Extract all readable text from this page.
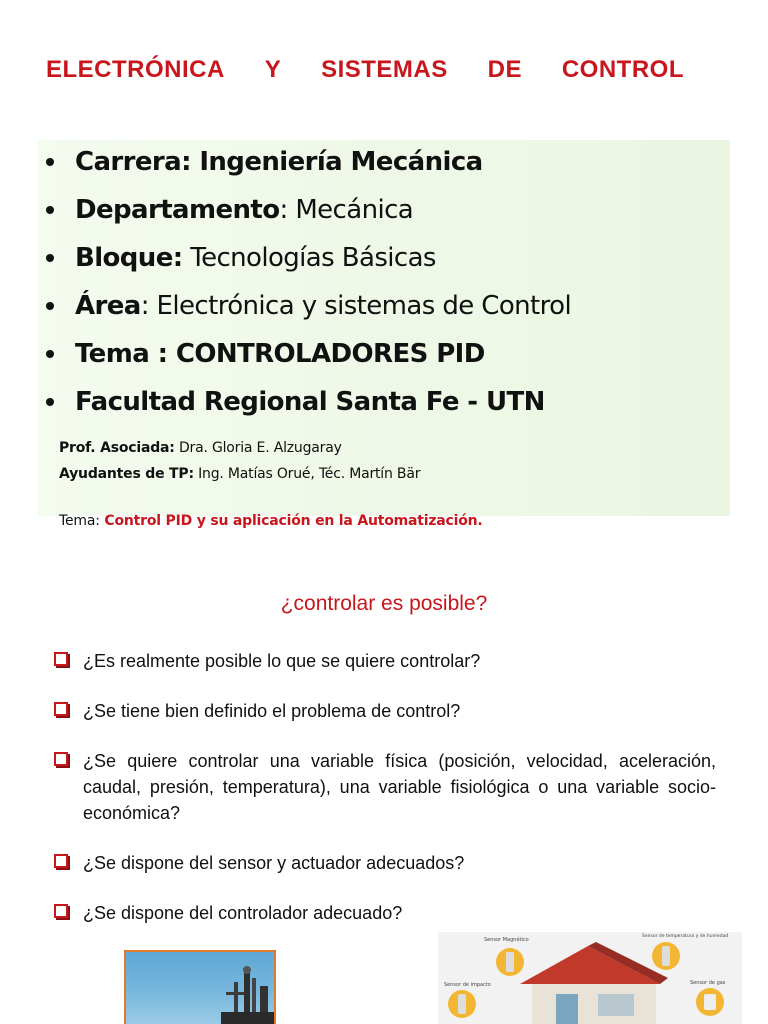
ELECTRÓNICA Y SISTEMAS DE CONTROL
Carrera: Ingeniería Mecánica
Departamento: Mecánica
Bloque: Tecnologías Básicas
Área: Electrónica y sistemas de Control
Tema : CONTROLADORES PID
Facultad Regional Santa Fe - UTN
Prof. Asociada: Dra. Gloria E. Alzugaray
Ayudantes de TP: Ing. Matías Orué, Téc. Martín Bär
Tema: Control PID y su aplicación en la Automatización.
¿controlar es posible?
¿Es realmente posible lo que se quiere controlar?
¿Se tiene bien definido el problema de control?
¿Se quiere controlar una variable física (posición, velocidad, aceleración, caudal, presión, temperatura), una variable fisiológica o una variable socio-económica?
¿Se dispone del sensor y actuador adecuados?
¿Se dispone del controlador adecuado?
Sensor Magnético
Sensor de temperatura y de humedad
Sensor de impacto	Sensor de gas
